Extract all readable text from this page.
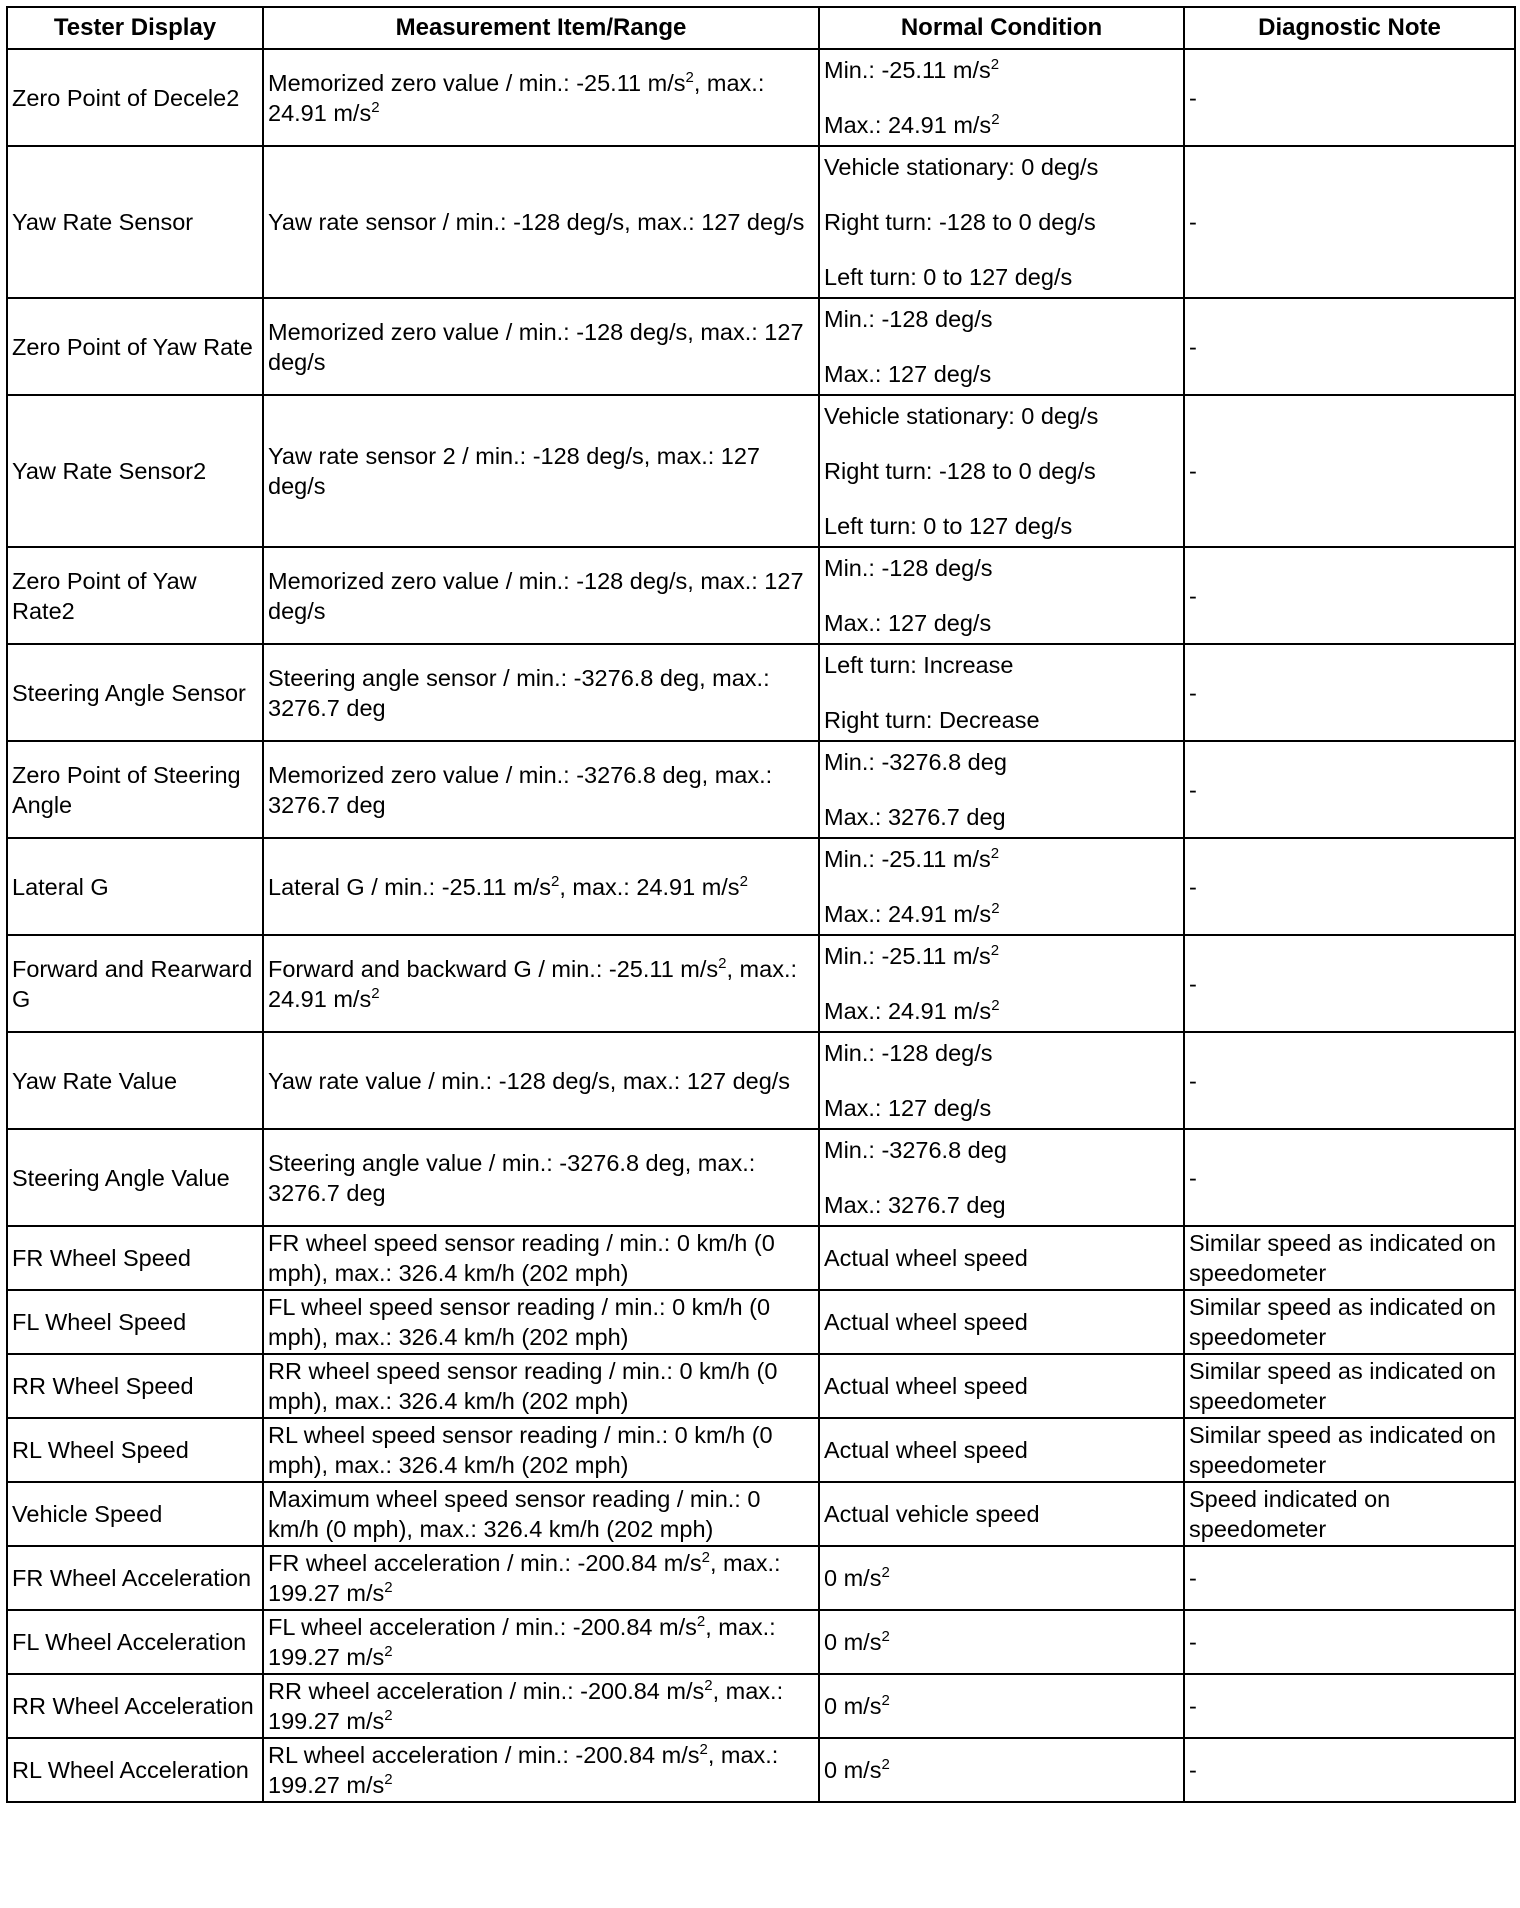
Tester Display	Measurement Item/Range	Normal Condition	Diagnostic Note
Zero Point of Decele2	Memorized zero value / min.: -25.11 $m/s^2$, max.: 24.91 $m/s^2$	Min.: -25.11 $m/s^2$
Max.: 24.91 $m/s^2$	-
Yaw Rate Sensor	Yaw rate sensor / min.: -128 deg/s, max.: 127 deg/s	Vehicle stationary: 0 deg/s
Right turn: -128 to 0 deg/s
Left turn: 0 to 127 deg/s	-
Zero Point of Yaw Rate	Memorized zero value / min.: -128 deg/s, max.: 127 deg/s	Min.: -128 deg/s
Max.: 127 deg/s	-
Yaw Rate Sensor2	Yaw rate sensor 2 / min.: -128 deg/s, max.: 127 deg/s	Vehicle stationary: 0 deg/s
Right turn: -128 to 0 deg/s
Left turn: 0 to 127 deg/s	-
Zero Point of Yaw Rate2	Memorized zero value / min.: -128 deg/s, max.: 127 deg/s	Min.: -128 deg/s
Max.: 127 deg/s	-
Steering Angle Sensor	Steering angle sensor / min.: -3276.8 deg, max.: 3276.7 deg	Left turn: Increase
Right turn: Decrease	-
Zero Point of Steering Angle	Memorized zero value / min.: -3276.8 deg, max.: 3276.7 deg	Min.: -3276.8 deg
Max.: 3276.7 deg	-
Lateral G	Lateral G / min.: -25.11 $m/s^2$, max.: 24.91 $m/s^2$	Min.: -25.11 $m/s^2$
Max.: 24.91 $m/s^2$	-
Forward and Rearward G	Forward and backward G / min.: -25.11 $m/s^2$, max.: 24.91 $m/s^2$	Min.: -25.11 $m/s^2$
Max.: 24.91 $m/s^2$	-
Yaw Rate Value	Yaw rate value / min.: -128 deg/s, max.: 127 deg/s	Min.: -128 deg/s
Max.: 127 deg/s	-
Steering Angle Value	Steering angle value / min.: -3276.8 deg, max.: 3276.7 deg	Min.: -3276.8 deg
Max.: 3276.7 deg	-
FR Wheel Speed	FR wheel speed sensor reading / min.: 0 km/h (0 mph), max.: 326.4 km/h (202 mph)	Actual wheel speed	Similar speed as indicated on speedometer
FL Wheel Speed	FL wheel speed sensor reading / min.: 0 km/h (0 mph), max.: 326.4 km/h (202 mph)	Actual wheel speed	Similar speed as indicated on speedometer
RR Wheel Speed	RR wheel speed sensor reading / min.: 0 km/h (0 mph), max.: 326.4 km/h (202 mph)	Actual wheel speed	Similar speed as indicated on speedometer
RL Wheel Speed	RL wheel speed sensor reading / min.: 0 km/h (0 mph), max.: 326.4 km/h (202 mph)	Actual wheel speed	Similar speed as indicated on speedometer
Vehicle Speed	Maximum wheel speed sensor reading / min.: 0 km/h (0 mph), max.: 326.4 km/h (202 mph)	Actual vehicle speed	Speed indicated on speedometer
FR Wheel Acceleration	FR wheel acceleration / min.: -200.84 $m/s^2$, max.: 199.27 $m/s^2$	0 $m/s^2$	-
FL Wheel Acceleration	FL wheel acceleration / min.: -200.84 $m/s^2$, max.: 199.27 $m/s^2$	0 $m/s^2$	-
RR Wheel Acceleration	RR wheel acceleration / min.: -200.84 $m/s^2$, max.: 199.27 $m/s^2$	0 $m/s^2$	-
RL Wheel Acceleration	RL wheel acceleration / min.: -200.84 $m/s^2$, max.: 199.27 $m/s^2$	0 $m/s^2$	-
